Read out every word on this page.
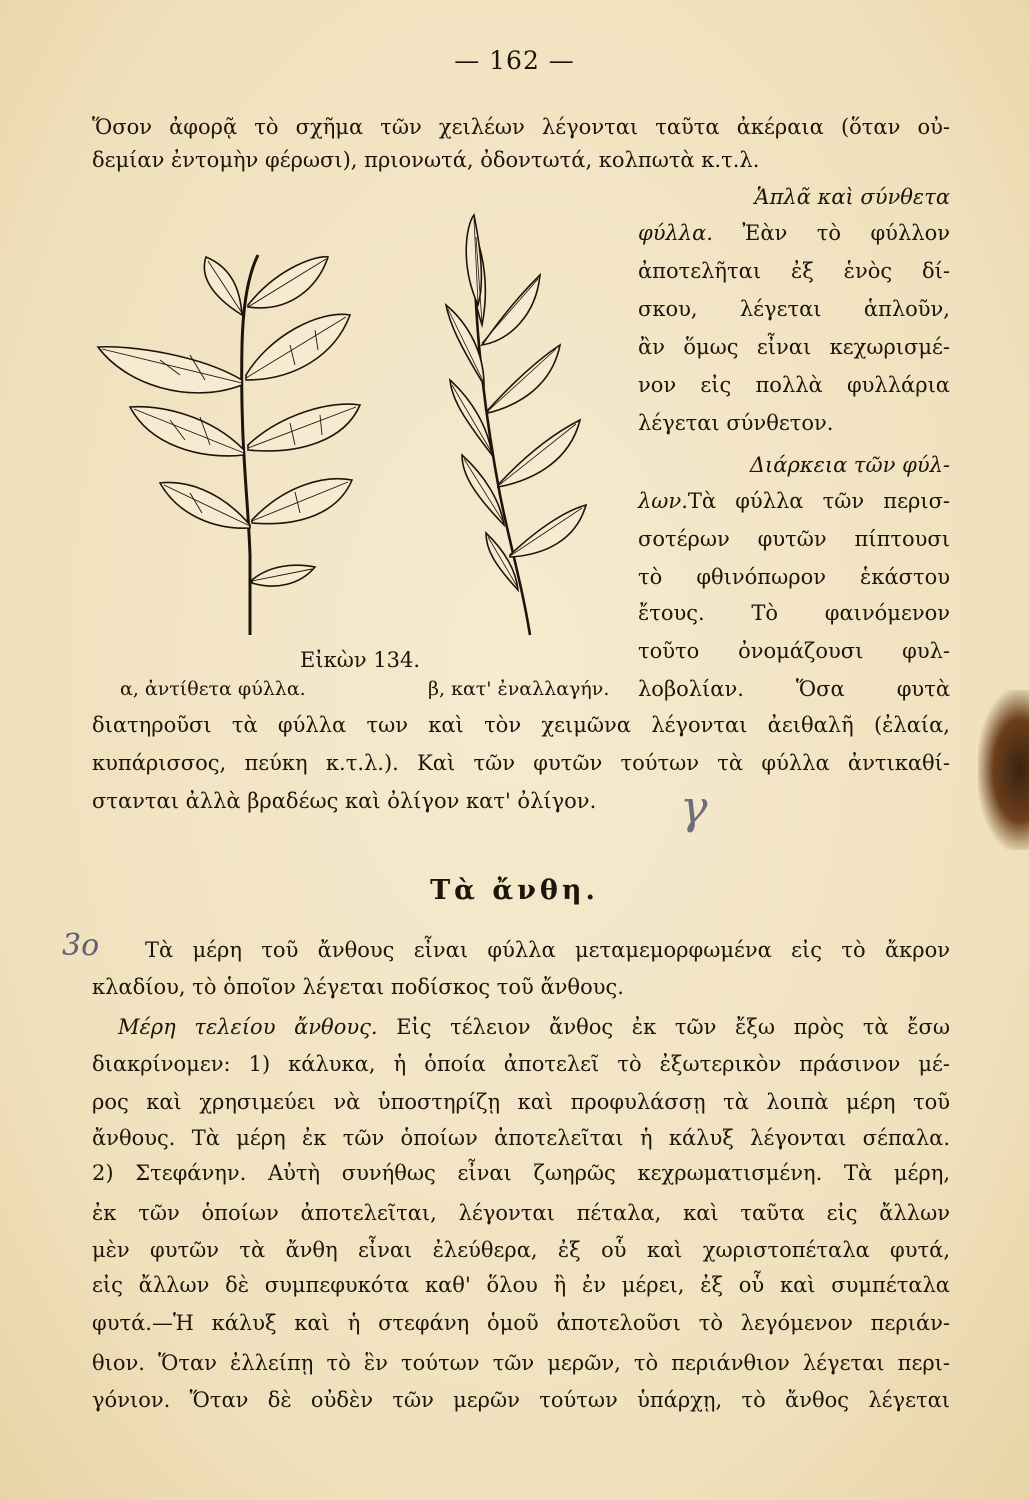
— 162 —
Ὅσον ἀφορᾷ τὸ σχῆμα τῶν χειλέων λέγονται ταῦτα ἀκέραια (ὅταν οὐ-
δεμίαν ἐντομὴν φέρωσι), πριονωτά, ὀδοντωτά, κολπωτὰ κ.τ.λ.
Εἰκὼν 134.
α, ἀντίθετα φύλλα.	β, κατ' ἐναλλαγήν.
Ἁπλᾶ καὶ σύνθετα
φύλλα. Ἐὰν τὸ φύλλον
ἀποτελῆται ἐξ ἑνὸς δί-
σκου, λέγεται ἁπλοῦν,
ἂν ὅμως εἶναι κεχωρισμέ-
νον εἰς πολλὰ φυλλάρια
λέγεται σύνθετον.
Διάρκεια τῶν φύλ-
λων.Τὰ φύλλα τῶν περισ-
σοτέρων φυτῶν πίπτουσι
τὸ φθινόπωρον ἑκάστου
ἔτους. Τὸ φαινόμενον
τοῦτο ὀνομάζουσι φυλ-
λοβολίαν. Ὅσα φυτὰ
διατηροῦσι τὰ φύλλα των καὶ τὸν χειμῶνα λέγονται ἀειθαλῆ (ἐλαία,
κυπάρισσος, πεύκη κ.τ.λ.). Καὶ τῶν φυτῶν τούτων τὰ φύλλα ἀντικαθί-
στανται ἀλλὰ βραδέως καὶ ὀλίγον κατ' ὀλίγον.	γ
Τὰ ἄνθη.
3ο Τὰ μέρη τοῦ ἄνθους εἶναι φύλλα μεταμεμορφωμένα εἰς τὸ ἄκρον
κλαδίου, τὸ ὁποῖον λέγεται ποδίσκος τοῦ ἄνθους.
Μέρη τελείου ἄνθους. Εἰς τέλειον ἄνθος ἐκ τῶν ἔξω πρὸς τὰ ἔσω
διακρίνομεν: 1) κάλυκα, ἡ ὁποία ἀποτελεῖ τὸ ἐξωτερικὸν πράσινον μέ-
ρος καὶ χρησιμεύει νὰ ὑποστηρίζῃ καὶ προφυλάσσῃ τὰ λοιπὰ μέρη τοῦ
ἄνθους. Τὰ μέρη ἐκ τῶν ὁποίων ἀποτελεῖται ἡ κάλυξ λέγονται σέπαλα.
2) Στεφάνην. Αὐτὴ συνήθως εἶναι ζωηρῶς κεχρωματισμένη. Τὰ μέρη,
ἐκ τῶν ὁποίων ἀποτελεῖται, λέγονται πέταλα, καὶ ταῦτα εἰς ἄλλων
μὲν φυτῶν τὰ ἄνθη εἶναι ἐλεύθερα, ἐξ οὗ καὶ χωριστοπέταλα φυτά,
εἰς ἄλλων δὲ συμπεφυκότα καθ' ὅλου ἢ ἐν μέρει, ἐξ οὗ καὶ συμπέταλα
φυτά.—Ἡ κάλυξ καὶ ἡ στεφάνη ὁμοῦ ἀποτελοῦσι τὸ λεγόμενον περιάν-
θιον. Ὅταν ἐλλείπῃ τὸ ἓν τούτων τῶν μερῶν, τὸ περιάνθιον λέγεται περι-
γόνιον. Ὅταν δὲ οὐδὲν τῶν μερῶν τούτων ὑπάρχῃ, τὸ ἄνθος λέγεται
